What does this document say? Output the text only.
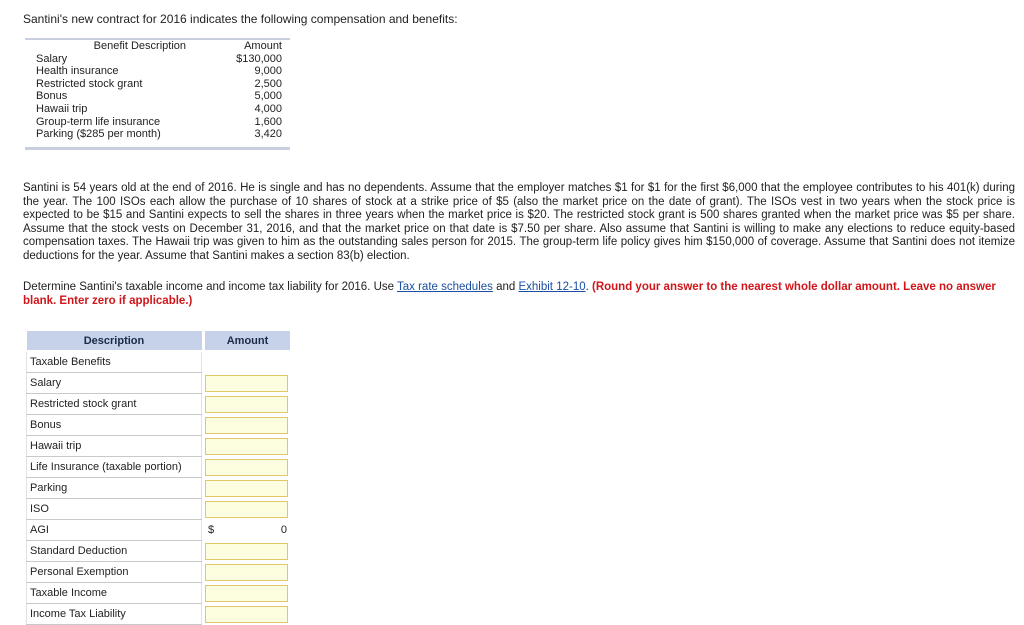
Santini's new contract for 2016 indicates the following compensation and benefits:
Benefit Description	Amount
Salary	$130,000
Health insurance	9,000
Restricted stock grant	2,500
Bonus	5,000
Hawaii trip	4,000
Group-term life insurance	1,600
Parking ($285 per month)	3,420
Santini is 54 years old at the end of 2016. He is single and has no dependents. Assume that the employer matches $1 for $1 for the first $6,000 that the employee contributes to his 401(k) during the year. The 100 ISOs each allow the purchase of 10 shares of stock at a strike price of $5 (also the market price on the date of grant). The ISOs vest in two years when the stock price is expected to be $15 and Santini expects to sell the shares in three years when the market price is $20. The restricted stock grant is 500 shares granted when the market price was $5 per share. Assume that the stock vests on December 31, 2016, and that the market price on that date is $7.50 per share. Also assume that Santini is willing to make any elections to reduce equity-based compensation taxes. The Hawaii trip was given to him as the outstanding sales person for 2015. The group-term life policy gives him $150,000 of coverage. Assume that Santini does not itemize deductions for the year. Assume that Santini makes a section 83(b) election.
Determine Santini's taxable income and income tax liability for 2016. Use Tax rate schedules and Exhibit 12-10. (Round your answer to the nearest whole dollar amount. Leave no answer blank. Enter zero if applicable.)
Description		Amount
Taxable Benefits		
Salary		

Restricted stock grant		

Bonus		

Hawaii trip		

Life Insurance (taxable portion)		

Parking		

ISO		

AGI		$ 0

Standard Deduction		

Personal Exemption		

Taxable Income		

Income Tax Liability		
